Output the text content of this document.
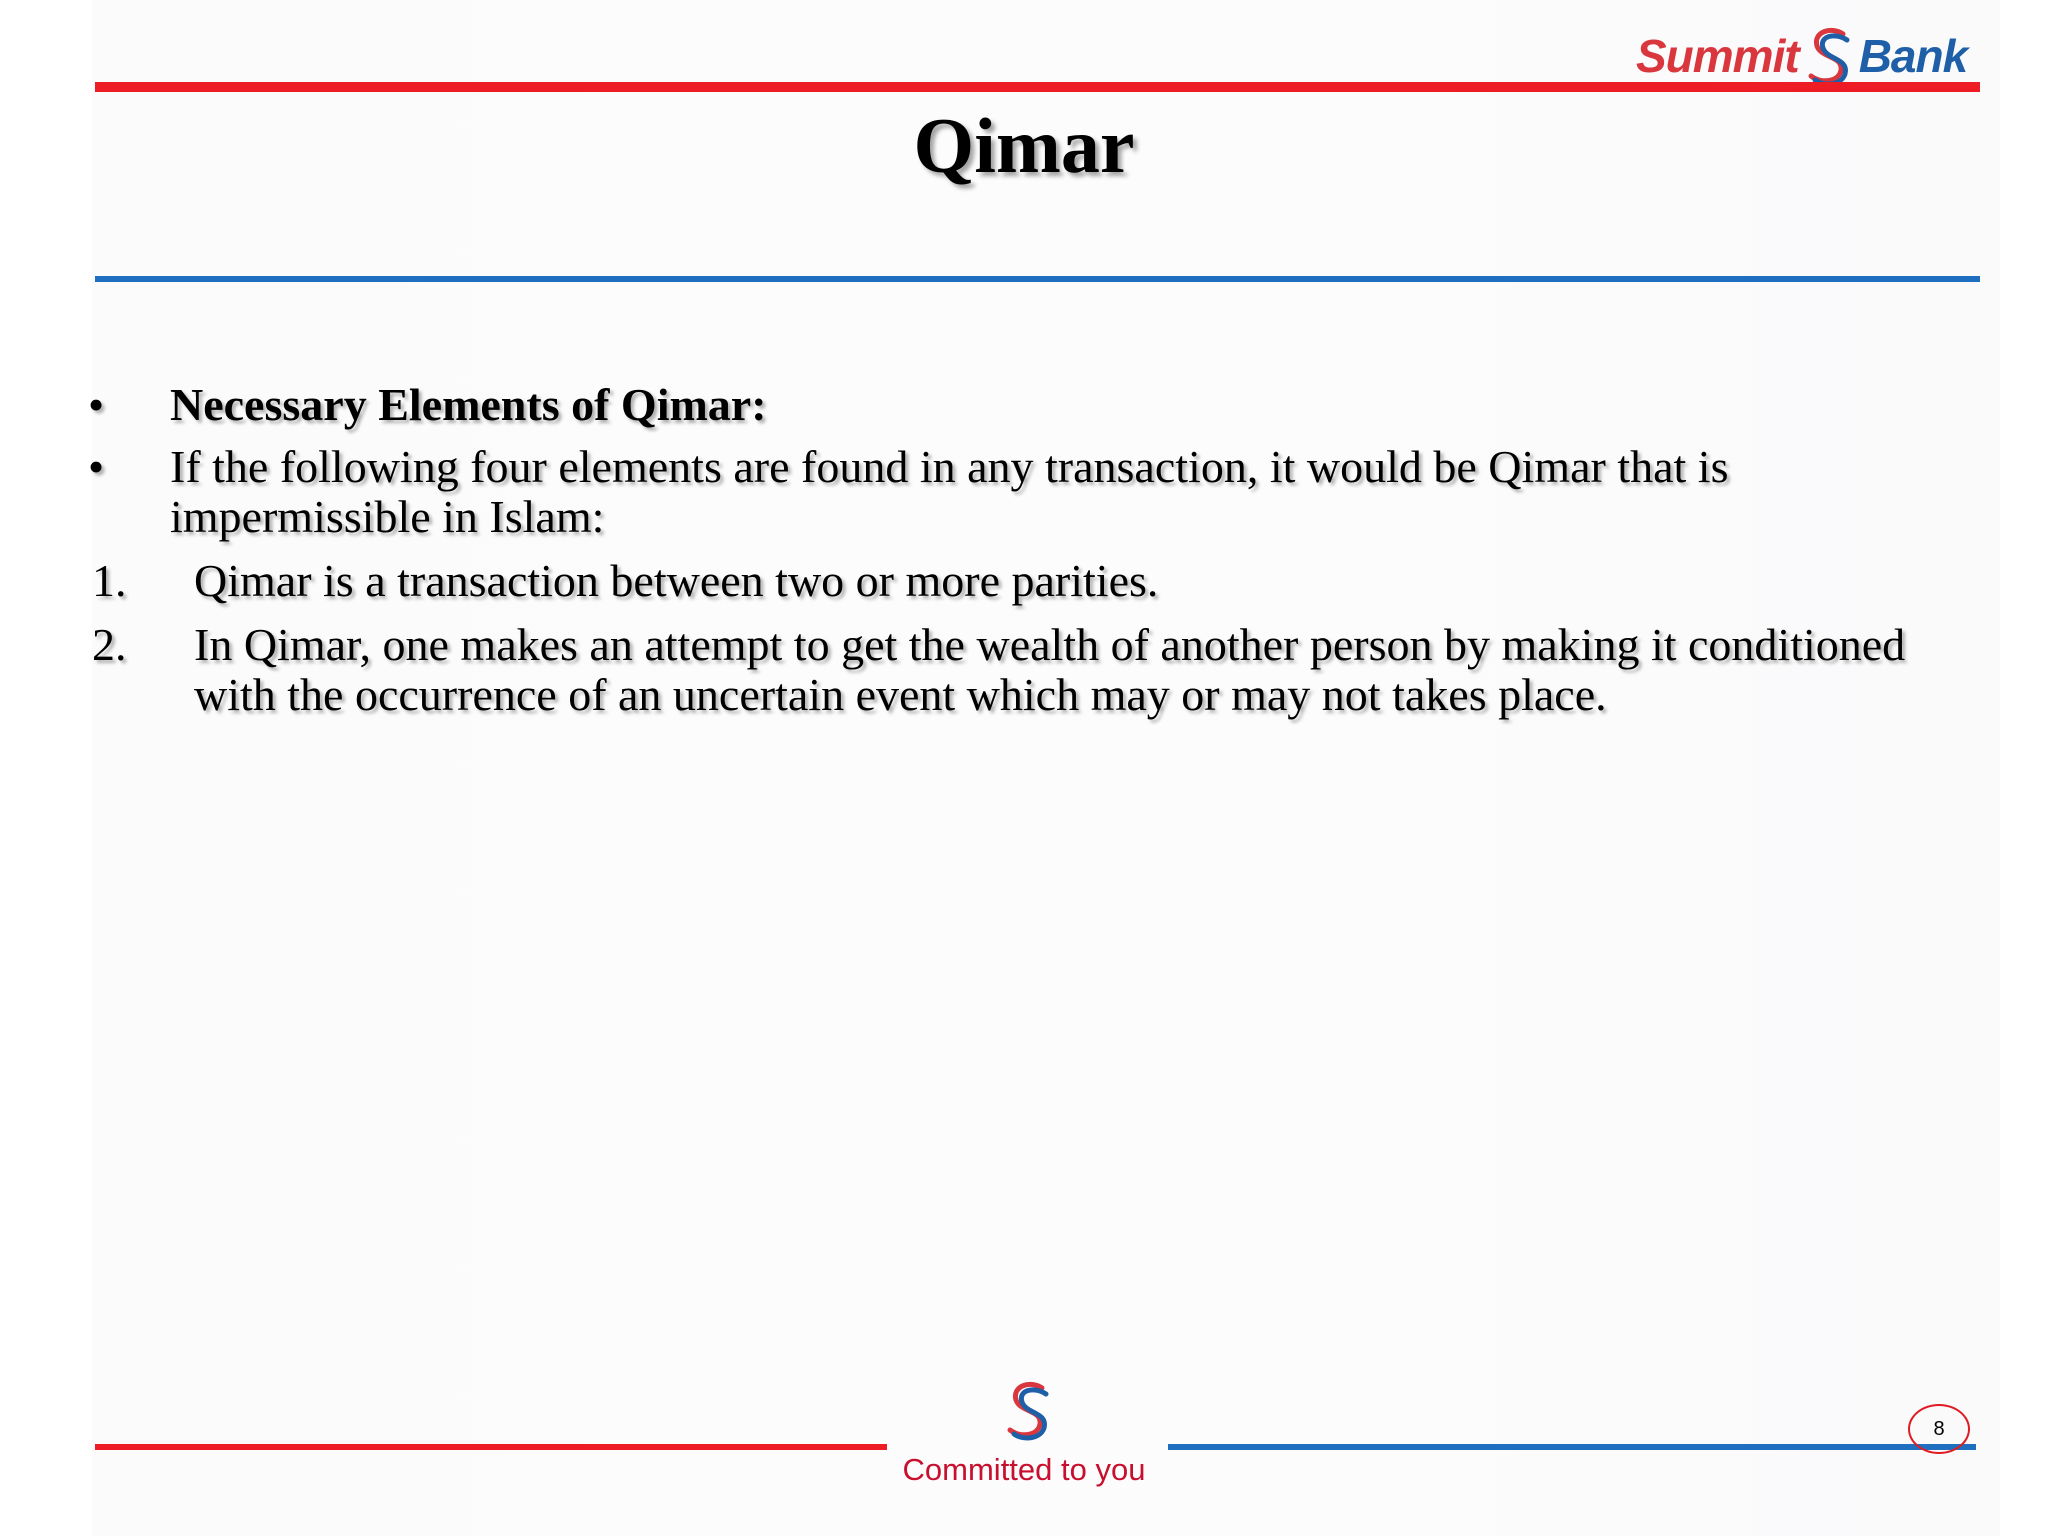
Summit Bank
Qimar
•	Necessary Elements of Qimar:
•	If the following four elements are found in any transaction, it would be Qimar that is impermissible in Islam:
1.	Qimar is a transaction between two or more parities.
2.	In Qimar, one makes an attempt to get the wealth of another person by making it conditioned with the occurrence of an uncertain event which may or may not takes place.
Committed to you
8
